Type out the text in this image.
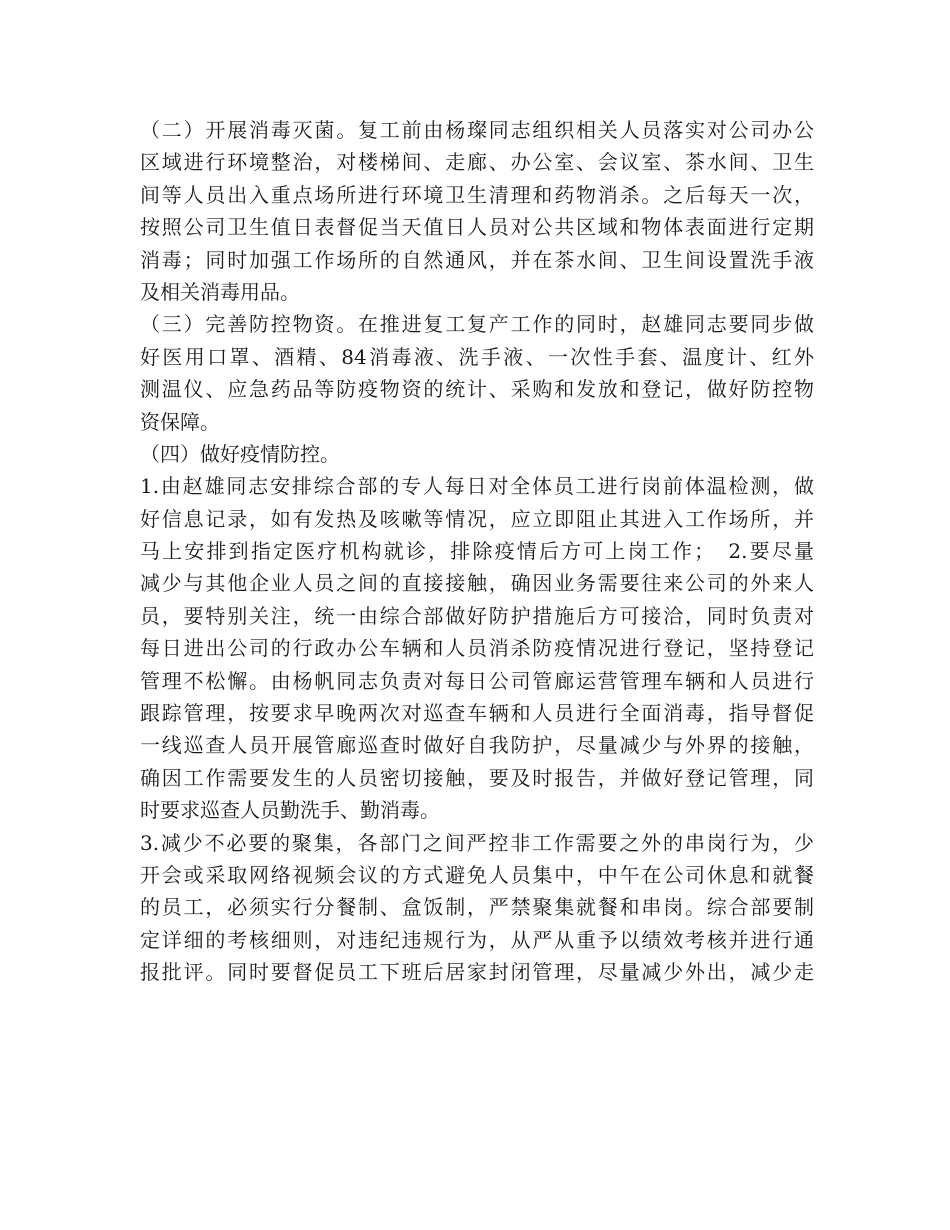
（二）开展消毒灭菌。复工前由杨璨同志组织相关人员落实对公司办公
区域进行环境整治，对楼梯间、走廊、办公室、会议室、茶水间、卫生
间等人员出入重点场所进行环境卫生清理和药物消杀。之后每天一次，
按照公司卫生值日表督促当天值日人员对公共区域和物体表面进行定期
消毒；同时加强工作场所的自然通风，并在茶水间、卫生间设置洗手液
及相关消毒用品。
（三）完善防控物资。在推进复工复产工作的同时，赵雄同志要同步做
好医用口罩、酒精、84消毒液、洗手液、一次性手套、温度计、红外
测温仪、应急药品等防疫物资的统计、采购和发放和登记，做好防控物
资保障。
（四）做好疫情防控。
1.由赵雄同志安排综合部的专人每日对全体员工进行岗前体温检测，做
好信息记录，如有发热及咳嗽等情况，应立即阻止其进入工作场所，并
马上安排到指定医疗机构就诊，排除疫情后方可上岗工作；　2.要尽量
减少与其他企业人员之间的直接接触，确因业务需要往来公司的外来人
员，要特别关注，统一由综合部做好防护措施后方可接洽，同时负责对
每日进出公司的行政办公车辆和人员消杀防疫情况进行登记，坚持登记
管理不松懈。由杨帆同志负责对每日公司管廊运营管理车辆和人员进行
跟踪管理，按要求早晚两次对巡查车辆和人员进行全面消毒，指导督促
一线巡查人员开展管廊巡查时做好自我防护，尽量减少与外界的接触，
确因工作需要发生的人员密切接触，要及时报告，并做好登记管理，同
时要求巡查人员勤洗手、勤消毒。
3.减少不必要的聚集，各部门之间严控非工作需要之外的串岗行为，少
开会或采取网络视频会议的方式避免人员集中，中午在公司休息和就餐
的员工，必须实行分餐制、盒饭制，严禁聚集就餐和串岗。综合部要制
定详细的考核细则，对违纪违规行为，从严从重予以绩效考核并进行通
报批评。同时要督促员工下班后居家封闭管理，尽量减少外出，减少走
